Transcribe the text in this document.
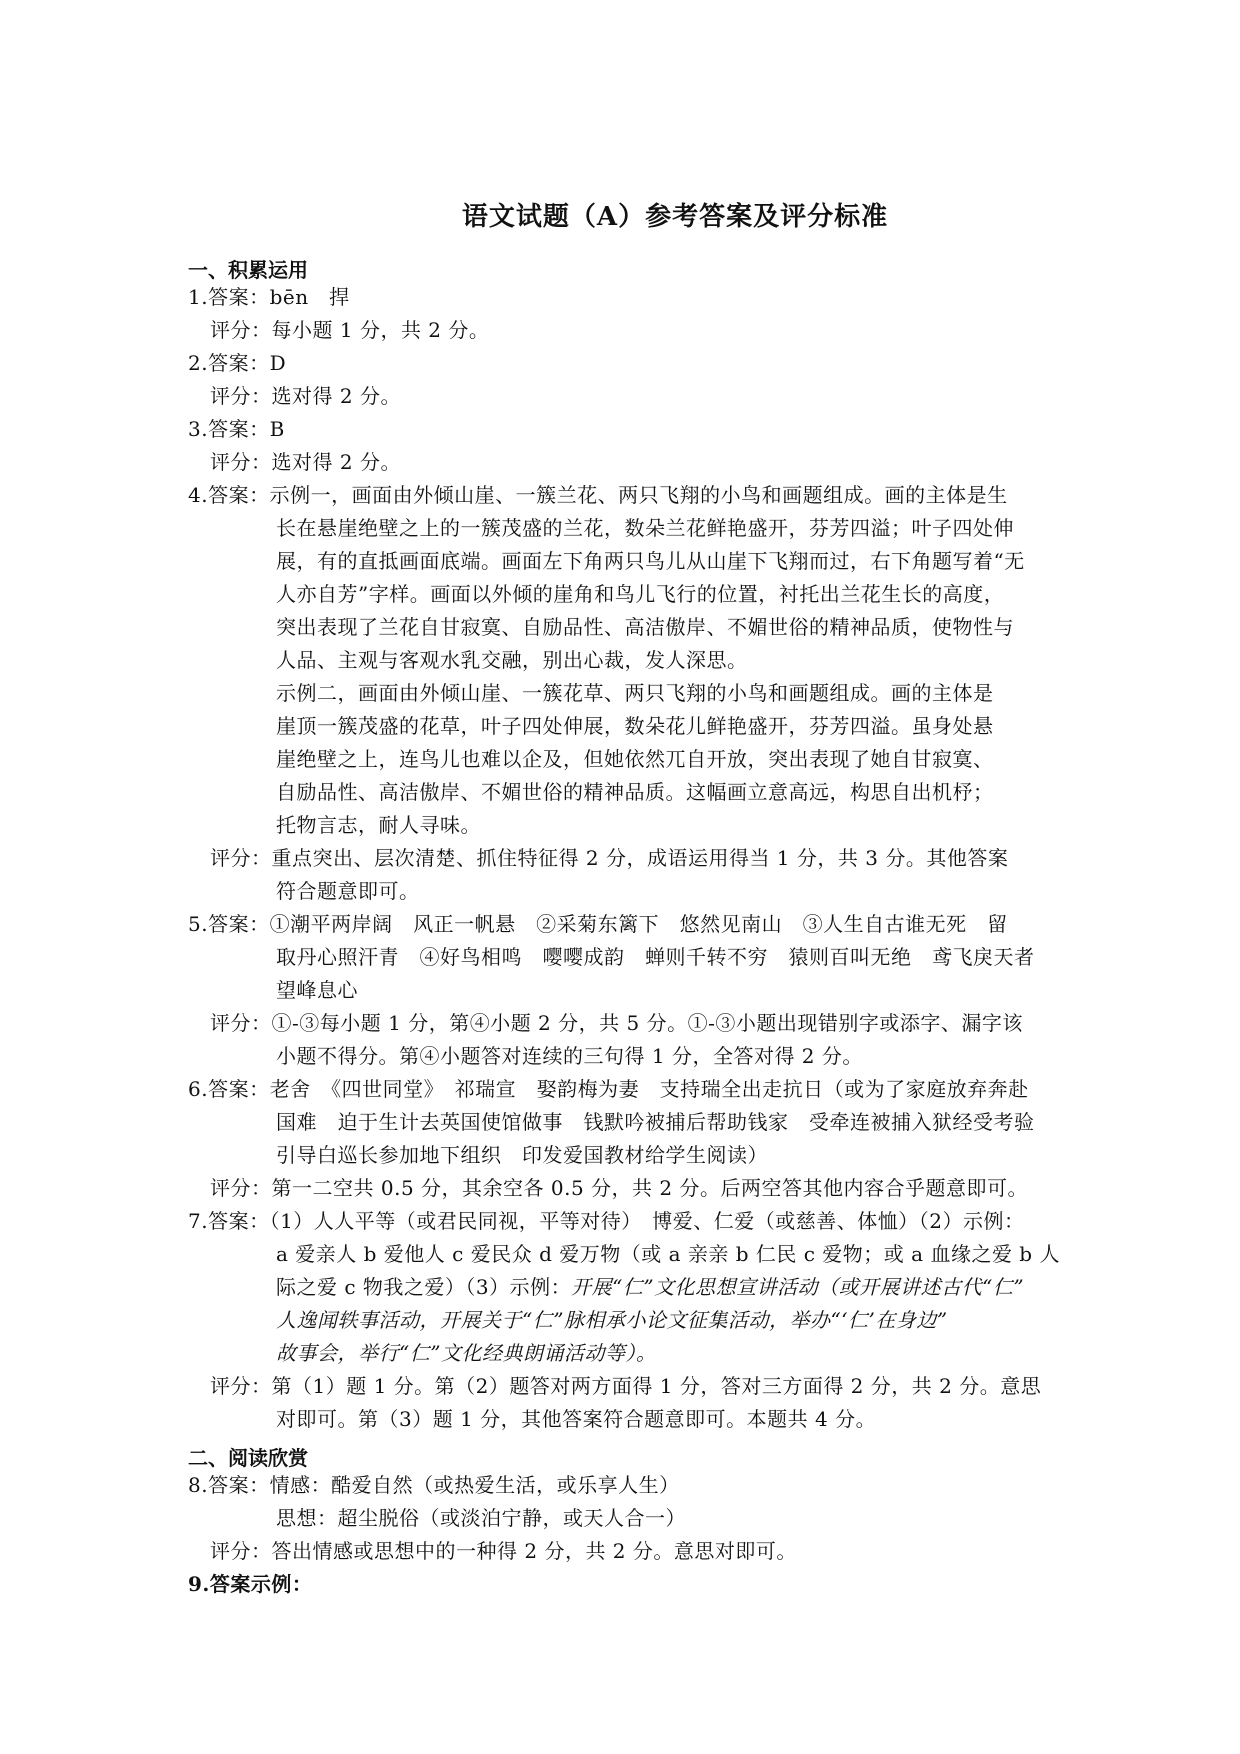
语文试题（A）参考答案及评分标准
一、积累运用
1.答案：bēn　捍
评分：每小题 1 分，共 2 分。
2.答案：D
评分：选对得 2 分。
3.答案：B
评分：选对得 2 分。
4.答案：示例一，画面由外倾山崖、一簇兰花、两只飞翔的小鸟和画题组成。画的主体是生
长在悬崖绝壁之上的一簇茂盛的兰花，数朵兰花鲜艳盛开，芬芳四溢；叶子四处伸
展，有的直抵画面底端。画面左下角两只鸟儿从山崖下飞翔而过，右下角题写着“无
人亦自芳”字样。画面以外倾的崖角和鸟儿飞行的位置，衬托出兰花生长的高度，
突出表现了兰花自甘寂寞、自励品性、高洁傲岸、不媚世俗的精神品质，使物性与
人品、主观与客观水乳交融，别出心裁，发人深思。
示例二，画面由外倾山崖、一簇花草、两只飞翔的小鸟和画题组成。画的主体是
崖顶一簇茂盛的花草，叶子四处伸展，数朵花儿鲜艳盛开，芬芳四溢。虽身处悬
崖绝壁之上，连鸟儿也难以企及，但她依然兀自开放，突出表现了她自甘寂寞、
自励品性、高洁傲岸、不媚世俗的精神品质。这幅画立意高远，构思自出机杼；
托物言志，耐人寻味。
评分：重点突出、层次清楚、抓住特征得 2 分，成语运用得当 1 分，共 3 分。其他答案
符合题意即可。
5.答案：①潮平两岸阔　风正一帆悬　②采菊东篱下　悠然见南山　③人生自古谁无死　留
取丹心照汗青　④好鸟相鸣　嘤嘤成韵　蝉则千转不穷　猿则百叫无绝　鸢飞戾天者
望峰息心
评分：①-③每小题 1 分，第④小题 2 分，共 5 分。①-③小题出现错别字或添字、漏字该
小题不得分。第④小题答对连续的三句得 1 分，全答对得 2 分。
6.答案：老舍　《四世同堂》　祁瑞宣　娶韵梅为妻　支持瑞全出走抗日（或为了家庭放弃奔赴
国难　迫于生计去英国使馆做事　钱默吟被捕后帮助钱家　受牵连被捕入狱经受考验
引导白巡长参加地下组织　印发爱国教材给学生阅读）
评分：第一二空共 0.5 分，其余空各 0.5 分，共 2 分。后两空答其他内容合乎题意即可。
7.答案：（1）人人平等（或君民同视，平等对待）　博爱、仁爱（或慈善、体恤）（2）示例：
a 爱亲人 b 爱他人 c 爱民众 d 爱万物（或 a 亲亲 b 仁民 c 爱物；或 a 血缘之爱 b 人
际之爱 c 物我之爱）（3）示例：开展“仁”文化思想宣讲活动（或开展讲述古代“仁”
人逸闻轶事活动，开展关于“仁”脉相承小论文征集活动，举办“‘仁’在身边”
故事会，举行“仁”文化经典朗诵活动等）。
评分：第（1）题 1 分。第（2）题答对两方面得 1 分，答对三方面得 2 分，共 2 分。意思
对即可。第（3）题 1 分，其他答案符合题意即可。本题共 4 分。
二、阅读欣赏
8.答案：情感：酷爱自然（或热爱生活，或乐享人生）
思想：超尘脱俗（或淡泊宁静，或天人合一）
评分：答出情感或思想中的一种得 2 分，共 2 分。意思对即可。
9.答案示例：
